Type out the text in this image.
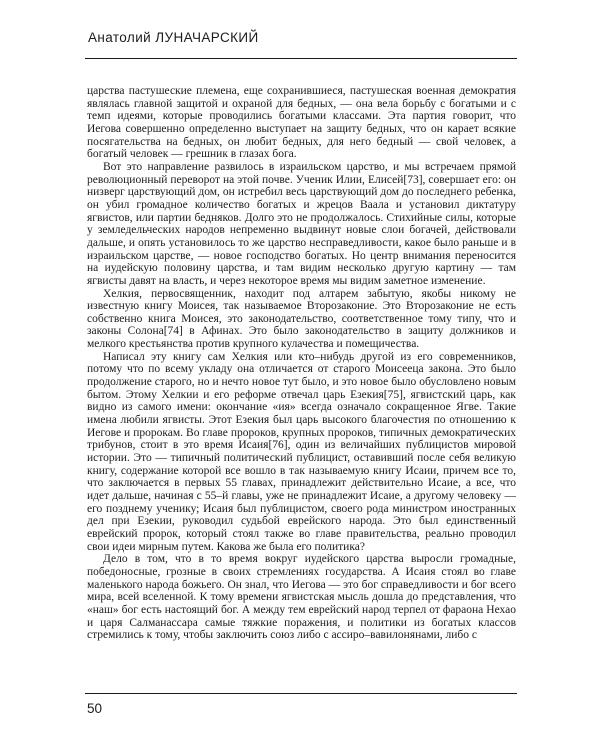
Анатолий ЛУНАЧАРСКИЙ

царства пастушеские племена, еще сохранившиеся, пастушеская военная демократия являлась главной защитой и охраной для бедных, — она вела борьбу с богатыми и с темп идеями, которые проводились богатыми классами. Эта партия говорит, что Иегова совершенно определенно выступает на защиту бедных, что он карает всякие посягательства на бедных, он любит бедных, для него бедный — свой человек, а богатый человек — грешник в глазах бога.

Вот это направление развилось в израильском царство, и мы встречаем прямой революционный переворот на этой почве. Ученик Илии, Елисей[73], совершает его: он низверг царствующий дом, он истребил весь царствующий дом до последнего ребенка, он убил громадное количество богатых и жрецов Ваала и установил диктатуру ягвистов, или партии бедняков. Долго это не продолжалось. Стихийные силы, которые у земледельческих народов непременно выдвинут новые слои богачей, действовали дальше, и опять установилось то же царство несправедливости, какое было раньше и в израильском царстве, — новое господство богатых. Но центр внимания переносится на иудейскую половину царства, и там видим несколько другую картину — там ягвисты давят на власть, и через некоторое время мы видим заметное изменение.

Хелкия, первосвященник, находит под алтарем забытую, якобы никому не известную книгу Моисея, так называемое Второзаконие. Это Второзаконие не есть собственно книга Моисея, это законодательство, соответственное тому типу, что и законы Солона[74] в Афинах. Это было законодательство в защиту должников и мелкого крестьянства против крупного кулачества и помещичества.

Написал эту книгу сам Хелкия или кто–нибудь другой из его современников, потому что по всему укладу она отличается от старого Моисееца закона. Это было продолжение старого, но и нечто новое тут было, и это новое было обусловлено новым бытом. Этому Хелкии и его реформе отвечал царь Езекия[75], ягвистский царь, как видно из самого имени: окончание «ия» всегда означало сокращенное Ягве. Такие имена любили ягвисты. Этот Езекия был царь высокого благочестия по отношению к Иегове и пророкам. Во главе пророков, крупных пророков, типичных демократических трибунов, стоит в это время Исаия[76], один из величайших публицистов мировой истории. Это — типичный политический публицист, оставивший после себя великую книгу, содержание которой все вошло в так называемую книгу Исаии, причем все то, что заключается в первых 55 главах, принадлежит действительно Исаие, а все, что идет дальше, начиная с 55–й главы, уже не принадлежит Исаие, а другому человеку —его позднему ученику; Исаия был публицистом, своего рода министром иностранных дел при Езекии, руководил судьбой еврейского народа. Это был единственный еврейский пророк, который стоял также во главе правительства, реально проводил свои идеи мирным путем. Какова же была его политика?

Дело в том, что в то время вокруг иудейского царства выросли громадные, победоносные, грозные в своих стремлениях государства. А Исаия стоял во главе маленького народа божьего. Он знал, что Иегова — это бог справедливости и бог всего мира, всей вселенной. К тому времени ягвистская мысль дошла до представления, что «наш» бог есть настоящий бог. А между тем еврейский народ терпел от фараона Нехао и царя Салманассара самые тяжкие поражения, и политики из богатых классов стремились к тому, чтобы заключить союз либо с ассиро–вавилонянами, либо с

50
